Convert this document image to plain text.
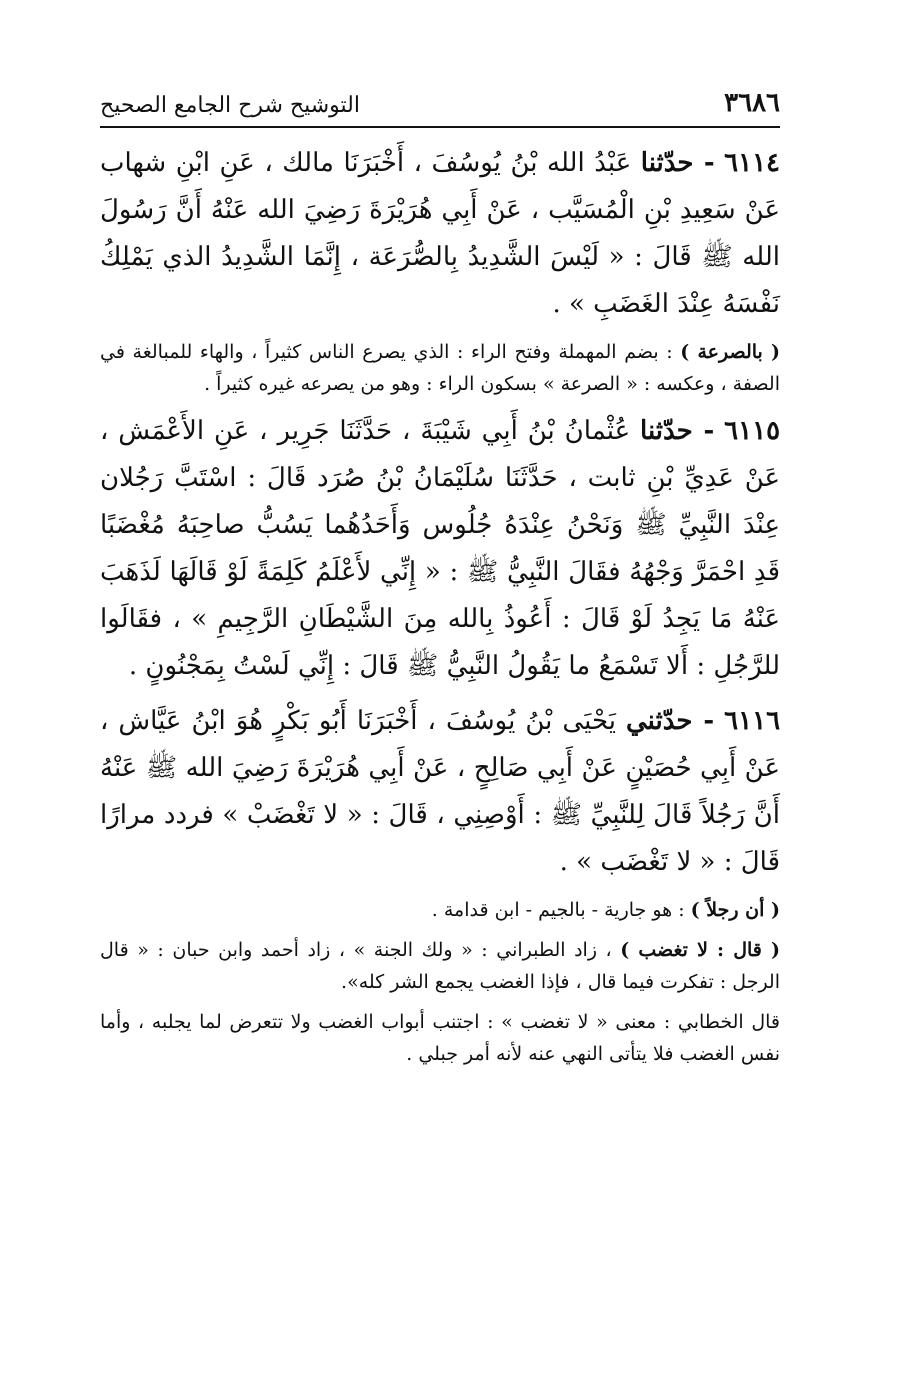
التوشيح شرح الجامع الصحيح	٣٦٨٦

٦١١٤ - حدّثنا عَبْدُ الله بْنُ يُوسُفَ ، أَخْبَرَنَا مالك ، عَنِ ابْنِ شهاب عَنْ سَعِيدِ بْنِ الْمُسَيَّب ، عَنْ أَبِي هُرَيْرَةَ رَضِيَ الله عَنْهُ أَنَّ رَسُولَ الله ﷺ قَالَ : « لَيْسَ الشَّدِيدُ بِالصُّرَعَة ، إِنَّمَا الشَّدِيدُ الذي يَمْلِكُ نَفْسَهُ عِنْدَ الغَضَبِ » .

( بالصرعة ) : بضم المهملة وفتح الراء : الذي يصرع الناس كثيراً ، والهاء للمبالغة في الصفة ، وعكسه : « الصرعة » بسكون الراء : وهو من يصرعه غيره كثيراً .

٦١١٥ - حدّثنا عُثْمانُ بْنُ أَبِي شَيْبَةَ ، حَدَّثَنَا جَرِير ، عَنِ الأَعْمَش ، عَنْ عَدِيِّ بْنِ ثابت ، حَدَّثَنَا سُلَيْمَانُ بْنُ صُرَد قَالَ : اسْتَبَّ رَجُلان عِنْدَ النَّبِيِّ ﷺ وَنَحْنُ عِنْدَهُ جُلُوس وَأَحَدُهُما يَسُبُّ صاحِبَهُ مُغْضَبًا قَدِ احْمَرَّ وَجْهُهُ فقَالَ النَّبِيُّ ﷺ : « إِنِّي لأَعْلَمُ كَلِمَةً لَوْ قَالَهَا لَذَهَبَ عَنْهُ مَا يَجِدُ لَوْ قَالَ : أَعُوذُ بِالله مِنَ الشَّيْطَانِ الرَّجِيمِ » ، فقَالَوا للرَّجُلِ : أَلا تَسْمَعُ ما يَقُولُ النَّبِيُّ ﷺ قَالَ : إِنِّي لَسْتُ بِمَجْنُونٍ .

٦١١٦ - حدّثني يَحْيَى بْنُ يُوسُفَ ، أَخْبَرَنَا أَبُو بَكْرٍ هُوَ ابْنُ عَيَّاش ، عَنْ أَبِي حُصَيْنٍ عَنْ أَبِي صَالِحٍ ، عَنْ أَبِي هُرَيْرَةَ رَضِيَ الله ﷺ عَنْهُ أَنَّ رَجُلاً قَالَ لِلنَّبِيِّ ﷺ : أَوْصِنِي ، قَالَ : « لا تَغْضَبْ » فردد مرارًا قَالَ : « لا تَغْضَب » .

( أن رجلاً ) : هو جارية - بالجيم - ابن قدامة .

( قال : لا تغضب ) ، زاد الطبراني : « ولك الجنة » ، زاد أحمد وابن حبان : « قال الرجل : تفكرت فيما قال ، فإذا الغضب يجمع الشر كله».

قال الخطابي : معنى « لا تغضب » : اجتنب أبواب الغضب ولا تتعرض لما يجلبه ، وأما نفس الغضب فلا يتأتى النهي عنه لأنه أمر جبلي .
